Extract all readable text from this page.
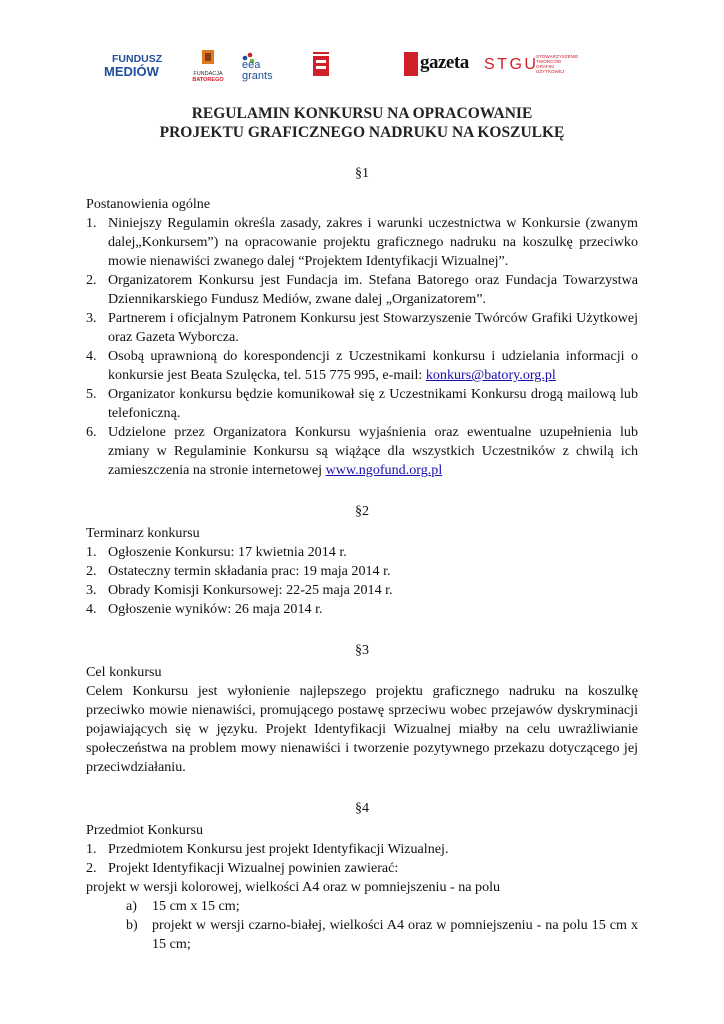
FUNDUSZ
MEDIÓW	FUNDACJA
BATOREGO
eea
grants
gazeta STGU
STOWARZYSZENIE
TWÓRCÓW
GRAFIKI
UŻYTKOWEJ
REGULAMIN KONKURSU NA OPRACOWANIE
PROJEKTU GRAFICZNEGO NADRUKU NA KOSZULKĘ

§1

Postanowienia ogólne

1. Niniejszy Regulamin określa zasady, zakres i warunki uczestnictwa w Konkursie (zwanym dalej„Konkursem”) na opracowanie projektu graficznego nadruku na koszulkę przeciwko mowie nienawiści zwanego dalej “Projektem Identyfikacji Wizualnej”.
2. Organizatorem Konkursu jest Fundacja im. Stefana Batorego oraz Fundacja Towarzystwa Dziennikarskiego Fundusz Mediów, zwane dalej „Organizatorem”.
3. Partnerem i oficjalnym Patronem Konkursu jest Stowarzyszenie Twórców Grafiki Użytkowej oraz Gazeta Wyborcza.
4. Osobą uprawnioną do korespondencji z Uczestnikami konkursu i udzielania informacji o konkursie jest Beata Szulęcka, tel. 515 775 995, e-mail: konkurs@batory.org.pl
5. Organizator konkursu będzie komunikował się z Uczestnikami Konkursu drogą mailową lub telefoniczną.
6. Udzielone przez Organizatora Konkursu wyjaśnienia oraz ewentualne uzupełnienia lub zmiany w Regulaminie Konkursu są wiążące dla wszystkich Uczestników z chwilą ich zamieszczenia na stronie internetowej www.ngofund.org.pl

§2

Terminarz konkursu

1. Ogłoszenie Konkursu: 17 kwietnia 2014 r.
2. Ostateczny termin składania prac: 19 maja 2014 r.
3. Obrady Komisji Konkursowej: 22-25 maja 2014 r.
4. Ogłoszenie wyników: 26 maja 2014 r.

§3

Cel konkursu

Celem Konkursu jest wyłonienie najlepszego projektu graficznego nadruku na koszulkę przeciwko mowie nienawiści, promującego postawę sprzeciwu wobec przejawów dyskryminacji pojawiających się w języku. Projekt Identyfikacji Wizualnej miałby na celu uwrażliwianie społeczeństwa na problem mowy nienawiści i tworzenie pozytywnego przekazu dotyczącego jej przeciwdziałaniu.

§4

Przedmiot Konkursu

1. Przedmiotem Konkursu jest projekt Identyfikacji Wizualnej.
2. Projekt Identyfikacji Wizualnej powinien zawierać:

projekt w wersji kolorowej, wielkości A4 oraz w pomniejszeniu - na polu

a) 15 cm x 15 cm;
b) projekt w wersji czarno-białej, wielkości A4 oraz w pomniejszeniu - na polu 15 cm x 15 cm;
